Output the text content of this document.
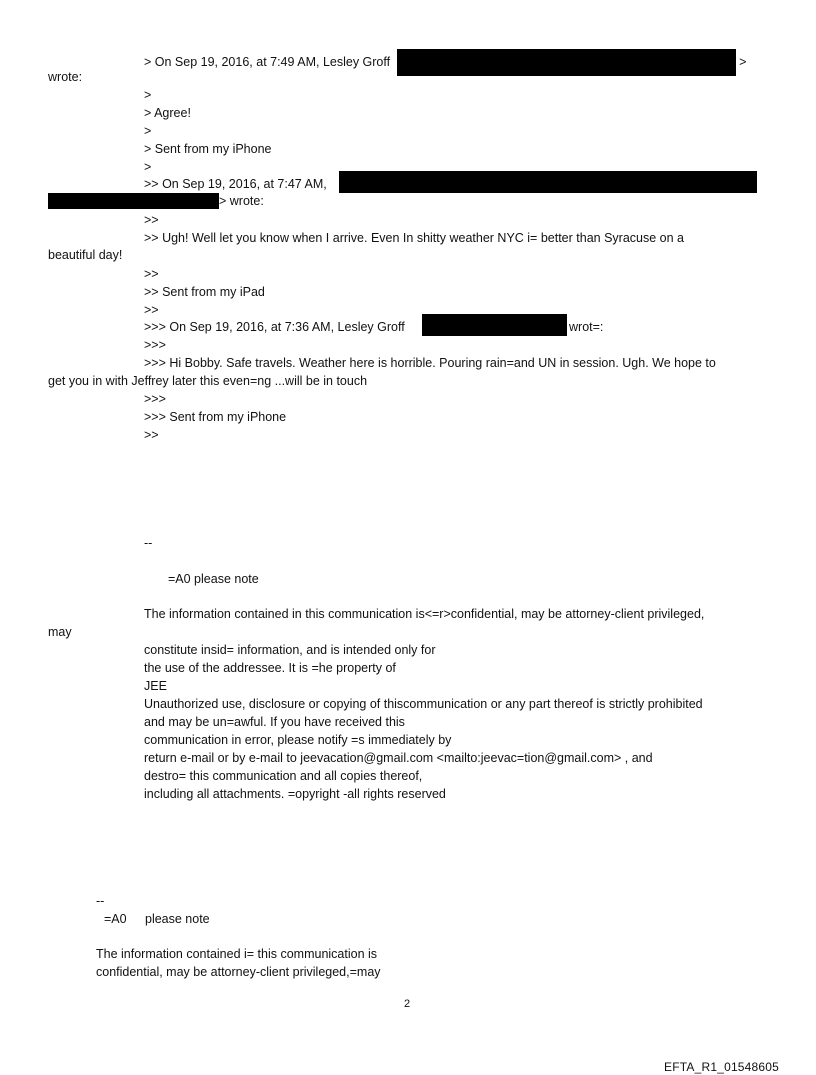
> On Sep 19, 2016, at 7:49 AM, Lesley Groff	>
wrote:
>
> Agree!
>
> Sent from my iPhone
>
>> On Sep 19, 2016, at 7:47 AM,
> wrote:
>>
>> Ugh! Well let you know when I arrive. Even In shitty weather NYC i= better than Syracuse on a
beautiful day!
>>
>> Sent from my iPad
>>
>>> On Sep 19, 2016, at 7:36 AM, Lesley Groff	wrot=:
>>>
>>> Hi Bobby. Safe travels. Weather here is horrible. Pouring rain=and UN in session. Ugh. We hope to
get you in with Jeffrey later this even=ng ...will be in touch
>>>
>>> Sent from my iPhone
>>
--
=A0 please note
The information contained in this communication is<=r>confidential, may be attorney-client privileged,
may
constitute insid= information, and is intended only for
the use of the addressee. It is =he property of
JEE
Unauthorized use, disclosure or copying of thiscommunication or any part thereof is strictly prohibited
and may be un=awful. If you have received this
communication in error, please notify =s immediately by
return e-mail or by e-mail to jeevacation@gmail.com <mailto:jeevac=tion@gmail.com> , and
destro= this communication and all copies thereof,
including all attachments. =opyright -all rights reserved
--
=A0 please note
The information contained i= this communication is
confidential, may be attorney-client privileged,=may
2
EFTA_R1_01548605
